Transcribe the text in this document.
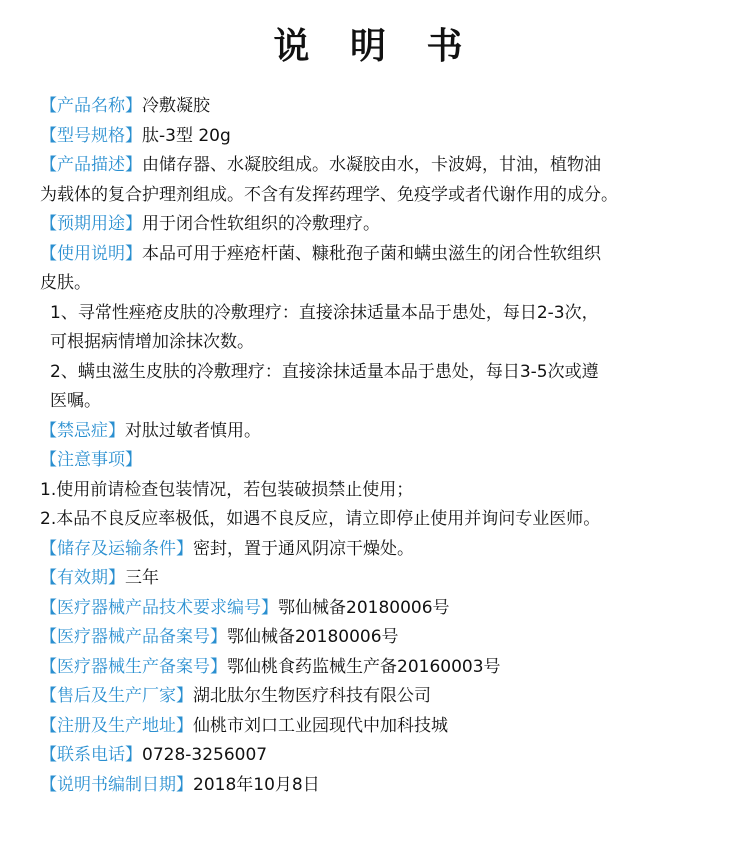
说 明 书
【产品名称】冷敷凝胶
【型号规格】肽-3型 20g
【产品描述】由储存器、水凝胶组成。水凝胶由水，卡波姆，甘油，植物油
为载体的复合护理剂组成。不含有发挥药理学、免疫学或者代谢作用的成分。
【预期用途】用于闭合性软组织的冷敷理疗。
【使用说明】本品可用于痤疮杆菌、糠秕孢子菌和螨虫滋生的闭合性软组织
皮肤。
1、寻常性痤疮皮肤的冷敷理疗：直接涂抹适量本品于患处，每日2-3次，
可根据病情增加涂抹次数。
2、螨虫滋生皮肤的冷敷理疗：直接涂抹适量本品于患处，每日3-5次或遵
医嘱。
【禁忌症】对肽过敏者慎用。
【注意事项】
1.使用前请检查包装情况，若包装破损禁止使用；
2.本品不良反应率极低，如遇不良反应，请立即停止使用并询问专业医师。
【储存及运输条件】密封，置于通风阴凉干燥处。
【有效期】三年
【医疗器械产品技术要求编号】鄂仙械备20180006号
【医疗器械产品备案号】鄂仙械备20180006号
【医疗器械生产备案号】鄂仙桃食药监械生产备20160003号
【售后及生产厂家】湖北肽尔生物医疗科技有限公司
【注册及生产地址】仙桃市刘口工业园现代中加科技城
【联系电话】0728-3256007
【说明书编制日期】2018年10月8日
